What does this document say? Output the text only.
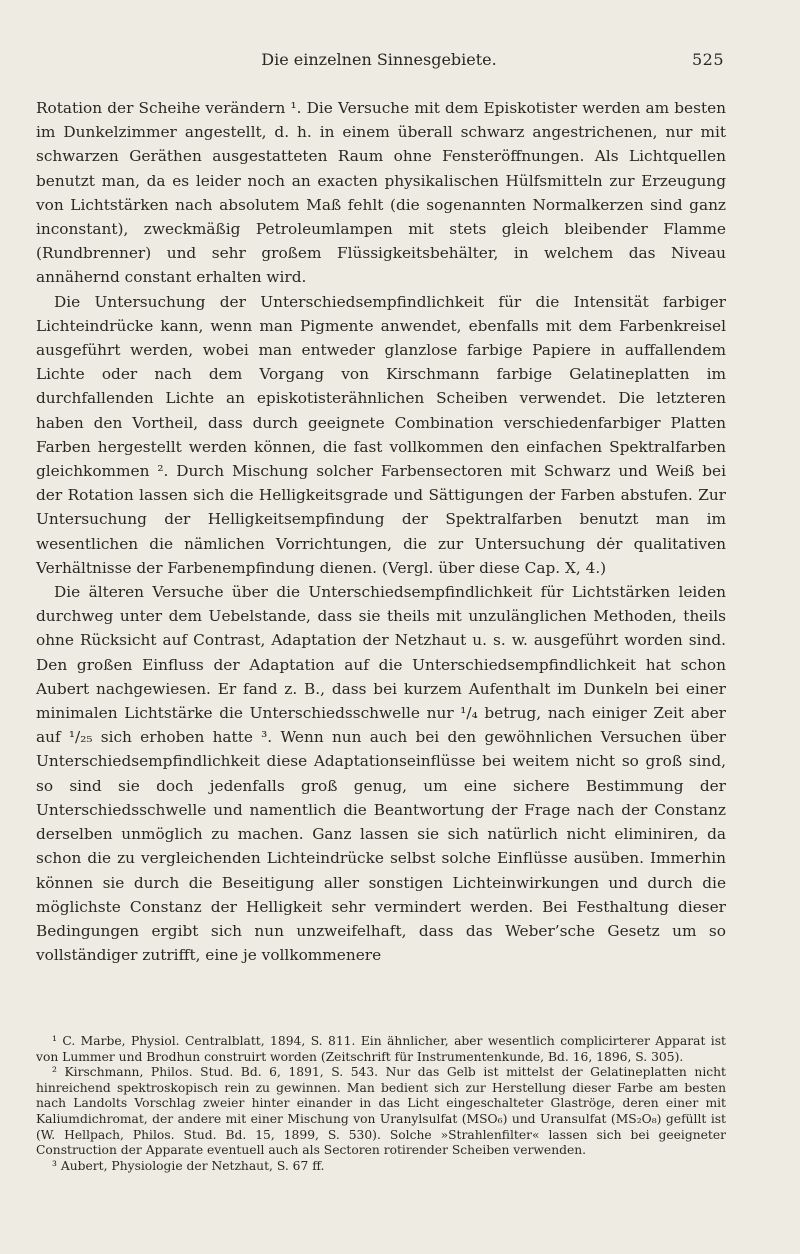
Die einzelnen Sinnesgebiete.	525

Rotation der Scheihe verändern ¹. Die Versuche mit dem Episkotister werden am besten im Dunkelzimmer angestellt, d. h. in einem überall schwarz angestrichenen, nur mit schwarzen Geräthen ausgestatteten Raum ohne Fensteröffnungen. Als Lichtquellen benutzt man, da es leider noch an exacten physikalischen Hülfsmitteln zur Erzeugung von Lichtstärken nach absolutem Maß fehlt (die sogenannten Normalkerzen sind ganz inconstant), zweckmäßig Petroleumlampen mit stets gleich bleibender Flamme (Rundbrenner) und sehr großem Flüssigkeitsbehälter, in welchem das Niveau annähernd constant erhalten wird.

Die Untersuchung der Unterschiedsempfindlichkeit für die Intensität farbiger Lichteindrücke kann, wenn man Pigmente anwendet, ebenfalls mit dem Farbenkreisel ausgeführt werden, wobei man entweder glanzlose farbige Papiere in auffallendem Lichte oder nach dem Vorgang von Kirschmann farbige Gelatineplatten im durchfallenden Lichte an episkotisterähnlichen Scheiben verwendet. Die letzteren haben den Vortheil, dass durch geeignete Combination verschiedenfarbiger Platten Farben hergestellt werden können, die fast vollkommen den einfachen Spektralfarben gleichkommen ². Durch Mischung solcher Farbensectoren mit Schwarz und Weiß bei der Rotation lassen sich die Helligkeitsgrade und Sättigungen der Farben abstufen. Zur Untersuchung der Helligkeitsempfindung der Spektralfarben benutzt man im wesentlichen die nämlichen Vorrichtungen, die zur Untersuchung dėr qualitativen Verhältnisse der Farbenempfindung dienen. (Vergl. über diese Cap. X, 4.)

Die älteren Versuche über die Unterschiedsempfindlichkeit für Lichtstärken leiden durchweg unter dem Uebelstande, dass sie theils mit unzulänglichen Methoden, theils ohne Rücksicht auf Contrast, Adaptation der Netzhaut u. s. w. ausgeführt worden sind. Den großen Einfluss der Adaptation auf die Unterschiedsempfindlichkeit hat schon Aubert nachgewiesen. Er fand z. B., dass bei kurzem Aufenthalt im Dunkeln bei einer minimalen Lichtstärke die Unterschiedsschwelle nur ¹/₄ betrug, nach einiger Zeit aber auf ¹/₂₅ sich erhoben hatte ³. Wenn nun auch bei den gewöhnlichen Versuchen über Unterschiedsempfindlichkeit diese Adaptationseinflüsse bei weitem nicht so groß sind, so sind sie doch jedenfalls groß genug, um eine sichere Bestimmung der Unterschiedsschwelle und namentlich die Beantwortung der Frage nach der Constanz derselben unmöglich zu machen. Ganz lassen sie sich natürlich nicht eliminiren, da schon die zu vergleichenden Lichteindrücke selbst solche Einflüsse ausüben. Immerhin können sie durch die Beseitigung aller sonstigen Lichteinwirkungen und durch die möglichste Constanz der Helligkeit sehr vermindert werden. Bei Festhaltung dieser Bedingungen ergibt sich nun unzweifelhaft, dass das Weber’sche Gesetz um so vollständiger zutrifft, eine je vollkommenere

¹ C. Marbe, Physiol. Centralblatt, 1894, S. 811. Ein ähnlicher, aber wesentlich complicirterer Apparat ist von Lummer und Brodhun construirt worden (Zeitschrift für Instrumentenkunde, Bd. 16, 1896, S. 305).

² Kirschmann, Philos. Stud. Bd. 6, 1891, S. 543. Nur das Gelb ist mittelst der Gelatineplatten nicht hinreichend spektroskopisch rein zu gewinnen. Man bedient sich zur Herstellung dieser Farbe am besten nach Landolts Vorschlag zweier hinter einander in das Licht eingeschalteter Glaströge, deren einer mit Kaliumdichromat, der andere mit einer Mischung von Uranylsulfat (MSO₆) und Uransulfat (MS₂O₈) gefüllt ist (W. Hellpach, Philos. Stud. Bd. 15, 1899, S. 530). Solche »Strahlenfilter« lassen sich bei geeigneter Construction der Apparate eventuell auch als Sectoren rotirender Scheiben verwenden.

³ Aubert, Physiologie der Netzhaut, S. 67 ff.
